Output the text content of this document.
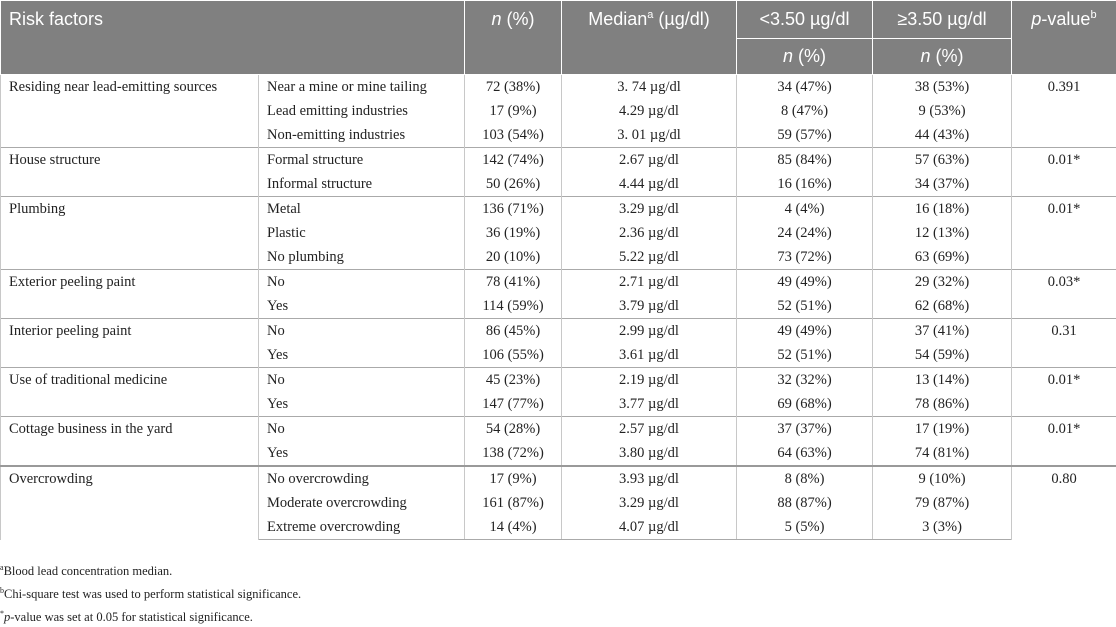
Risk factors		n (%)	Median$^a$ (µg/dl)	<3.50 µg/dl	≥3.50 µg/dl	p-value$^b$
				n (%)	n (%)	
Residing near lead-emitting sources	Near a mine or mine tailing	72 (38%)	3. 74 µg/dl	34 (47%)	38 (53%)	0.391
	Lead emitting industries	17 (9%)	4.29 µg/dl	8 (47%)	9 (53%)	
	Non-emitting industries	103 (54%)	3. 01 µg/dl	59 (57%)	44 (43%)	
House structure	Formal structure	142 (74%)	2.67 µg/dl	85 (84%)	57 (63%)	0.01*
	Informal structure	50 (26%)	4.44 µg/dl	16 (16%)	34 (37%)	
Plumbing	Metal	136 (71%)	3.29 µg/dl	4 (4%)	16 (18%)	0.01*
	Plastic	36 (19%)	2.36 µg/dl	24 (24%)	12 (13%)	
	No plumbing	20 (10%)	5.22 µg/dl	73 (72%)	63 (69%)	
Exterior peeling paint	No	78 (41%)	2.71 µg/dl	49 (49%)	29 (32%)	0.03*
	Yes	114 (59%)	3.79 µg/dl	52 (51%)	62 (68%)	
Interior peeling paint	No	86 (45%)	2.99 µg/dl	49 (49%)	37 (41%)	0.31
	Yes	106 (55%)	3.61 µg/dl	52 (51%)	54 (59%)	
Use of traditional medicine	No	45 (23%)	2.19 µg/dl	32 (32%)	13 (14%)	0.01*
	Yes	147 (77%)	3.77 µg/dl	69 (68%)	78 (86%)	
Cottage business in the yard	No	54 (28%)	2.57 µg/dl	37 (37%)	17 (19%)	0.01*
	Yes	138 (72%)	3.80 µg/dl	64 (63%)	74 (81%)	
Overcrowding	No overcrowding	17 (9%)	3.93 µg/dl	8 (8%)	9 (10%)	0.80
	Moderate overcrowding	161 (87%)	3.29 µg/dl	88 (87%)	79 (87%)	
	Extreme overcrowding	14 (4%)	4.07 µg/dl	5 (5%)	3 (3%)	
$^a$Blood lead concentration median.
$^b$Chi-square test was used to perform statistical significance.
*p-value was set at 0.05 for statistical significance.
